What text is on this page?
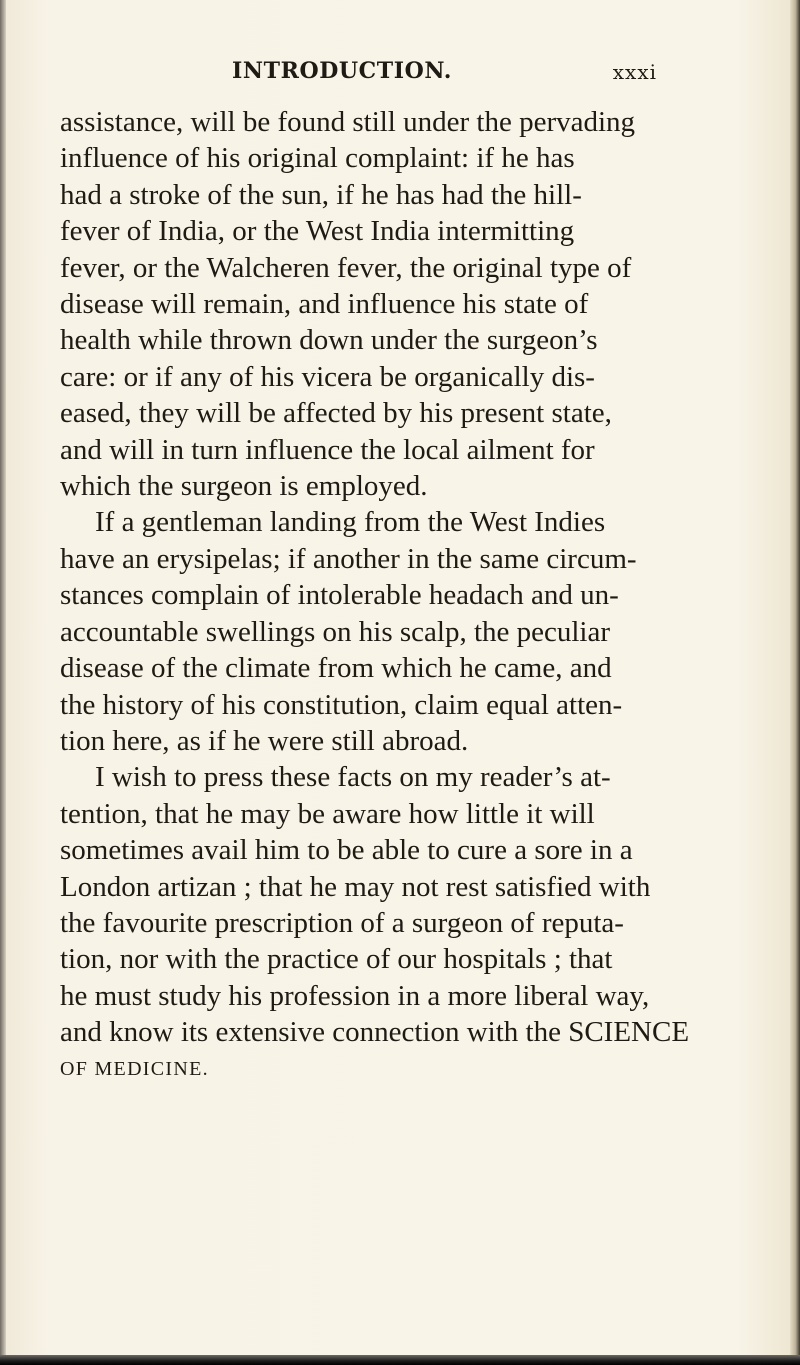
INTRODUCTION.	xxxi
assistance, will be found still under the pervading
influence of his original complaint: if he has
had a stroke of the sun, if he has had the hill-
fever of India, or the West India intermitting
fever, or the Walcheren fever, the original type of
disease will remain, and influence his state of
health while thrown down under the surgeon’s
care: or if any of his vicera be organically dis-
eased, they will be affected by his present state,
and will in turn influence the local ailment for
which the surgeon is employed.
If a gentleman landing from the West Indies
have an erysipelas; if another in the same circum-
stances complain of intolerable headach and un-
accountable swellings on his scalp, the peculiar
disease of the climate from which he came, and
the history of his constitution, claim equal atten-
tion here, as if he were still abroad.
I wish to press these facts on my reader’s at-
tention, that he may be aware how little it will
sometimes avail him to be able to cure a sore in a
London artizan ; that he may not rest satisfied with
the favourite prescription of a surgeon of reputa-
tion, nor with the practice of our hospitals ; that
he must study his profession in a more liberal way,
and know its extensive connection with the SCIENCE
OF MEDICINE.
